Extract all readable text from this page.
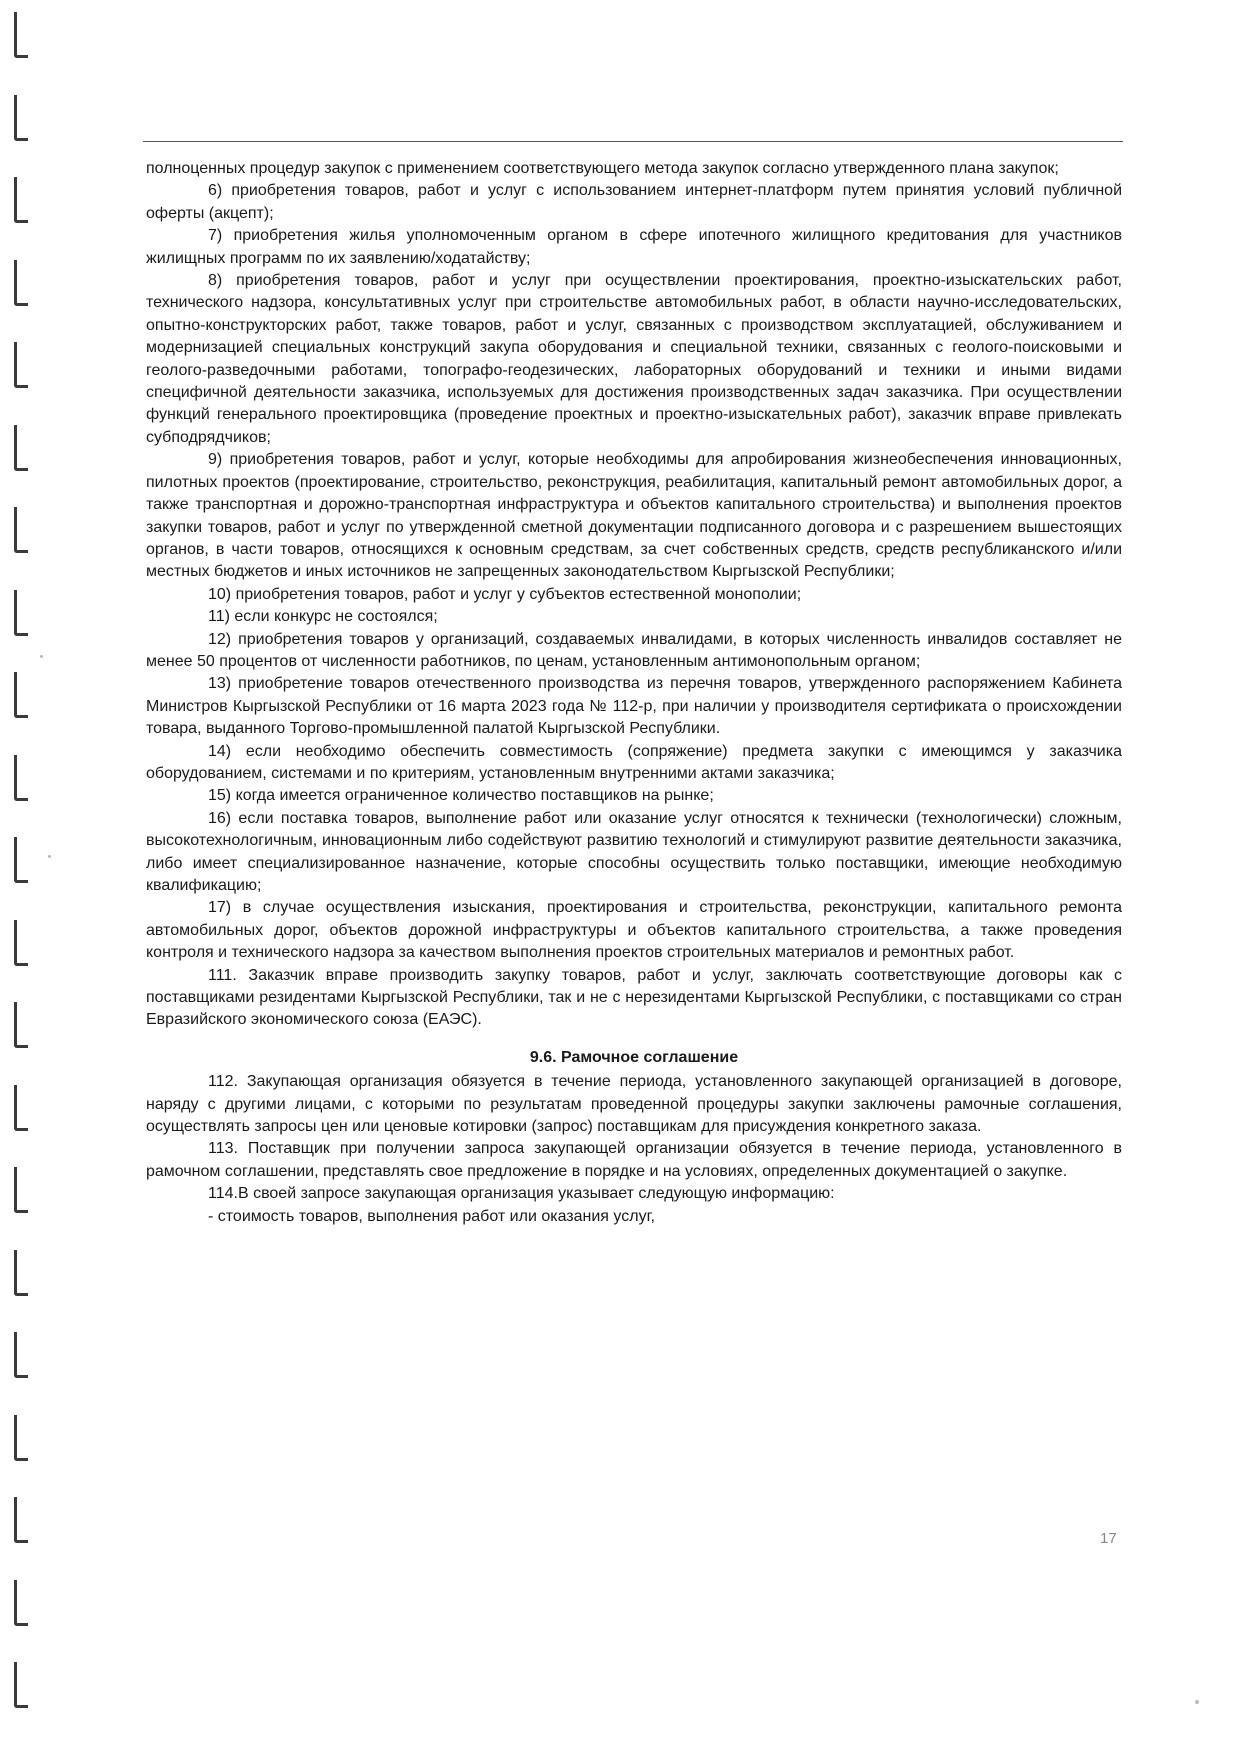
полноценных процедур закупок с применением соответствующего метода закупок согласно утвержденного плана закупок;

6) приобретения товаров, работ и услуг с использованием интернет-платформ путем принятия условий публичной оферты (акцепт);

7) приобретения жилья уполномоченным органом в сфере ипотечного жилищного кредитования для участников жилищных программ по их заявлению/ходатайству;

8) приобретения товаров, работ и услуг при осуществлении проектирования, проектно-изыскательских работ, технического надзора, консультативных услуг при строительстве автомобильных работ, в области научно-исследовательских, опытно-конструкторских работ, также товаров, работ и услуг, связанных с производством эксплуатацией, обслуживанием и модернизацией специальных конструкций закупа оборудования и специальной техники, связанных с геолого-поисковыми и геолого-разведочными работами, топографо-геодезических, лабораторных оборудований и техники и иными видами специфичной деятельности заказчика, используемых для достижения производственных задач заказчика. При осуществлении функций генерального проектировщика (проведение проектных и проектно-изыскательных работ), заказчик вправе привлекать субподрядчиков;

9) приобретения товаров, работ и услуг, которые необходимы для апробирования жизнеобеспечения инновационных, пилотных проектов (проектирование, строительство, реконструкция, реабилитация, капитальный ремонт автомобильных дорог, а также транспортная и дорожно-транспортная инфраструктура и объектов капитального строительства) и выполнения проектов закупки товаров, работ и услуг по утвержденной сметной документации подписанного договора и с разрешением вышестоящих органов, в части товаров, относящихся к основным средствам, за счет собственных средств, средств республиканского и/или местных бюджетов и иных источников не запрещенных законодательством Кыргызской Республики;

10) приобретения товаров, работ и услуг у субъектов естественной монополии;

11) если конкурс не состоялся;

12) приобретения товаров у организаций, создаваемых инвалидами, в которых численность инвалидов составляет не менее 50 процентов от численности работников, по ценам, установленным антимонопольным органом;

13) приобретение товаров отечественного производства из перечня товаров, утвержденного распоряжением Кабинета Министров Кыргызской Республики от 16 марта 2023 года № 112-р, при наличии у производителя сертификата о происхождении товара, выданного Торгово-промышленной палатой Кыргызской Республики.

14) если необходимо обеспечить совместимость (сопряжение) предмета закупки с имеющимся у заказчика оборудованием, системами и по критериям, установленным внутренними актами заказчика;

15) когда имеется ограниченное количество поставщиков на рынке;

16) если поставка товаров, выполнение работ или оказание услуг относятся к технически (технологически) сложным, высокотехнологичным, инновационным либо содействуют развитию технологий и стимулируют развитие деятельности заказчика, либо имеет специализированное назначение, которые способны осуществить только поставщики, имеющие необходимую квалификацию;

17) в случае осуществления изыскания, проектирования и строительства, реконструкции, капитального ремонта автомобильных дорог, объектов дорожной инфраструктуры и объектов капитального строительства, а также проведения контроля и технического надзора за качеством выполнения проектов строительных материалов и ремонтных работ.

111. Заказчик вправе производить закупку товаров, работ и услуг, заключать соответствующие договоры как с поставщиками резидентами Кыргызской Республики, так и не с нерезидентами Кыргызской Республики, с поставщиками со стран Евразийского экономического союза (ЕАЭС).

9.6. Рамочное соглашение

112. Закупающая организация обязуется в течение периода, установленного закупающей организацией в договоре, наряду с другими лицами, с которыми по результатам проведенной процедуры закупки заключены рамочные соглашения, осуществлять запросы цен или ценовые котировки (запрос) поставщикам для присуждения конкретного заказа.

113. Поставщик при получении запроса закупающей организации обязуется в течение периода, установленного в рамочном соглашении, представлять свое предложение в порядке и на условиях, определенных документацией о закупке.

114.В своей запросе закупающая организация указывает следующую информацию:

- стоимость товаров, выполнения работ или оказания услуг,

17
